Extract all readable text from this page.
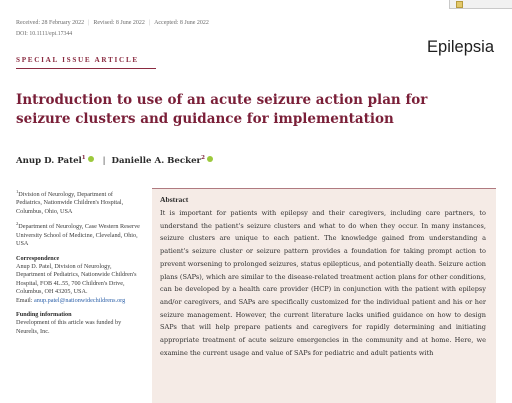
Received: 28 February 2022 | Revised: 8 June 2022 | Accepted: 8 June 2022
DOI: 10.1111/epi.17344
Epilepsia
SPECIAL ISSUE ARTICLE
Introduction to use of an acute seizure action plan for seizure clusters and guidance for implementation
Anup D. Patel$^1$ | Danielle A. Becker$^2$

$^1$Division of Neurology, Department of Pediatrics, Nationwide Children's Hospital, Columbus, Ohio, USA

$^2$Department of Neurology, Case Western Reserve University School of Medicine, Cleveland, Ohio, USA

Correspondence

Anup D. Patel, Division of Neurology, Department of Pediatrics, Nationwide Children's Hospital, FOB 4L.55, 700 Children's Drive, Columbus, OH 43205, USA.

Email: anup.patel@nationwidechildrens.org

Funding information

Development of this article was funded by Neurelis, Inc.

Abstract

It is important for patients with epilepsy and their caregivers, including care partners, to understand the patient's seizure clusters and what to do when they occur. In many instances, seizure clusters are unique to each patient. The knowledge gained from understanding a patient's seizure cluster or seizure pattern provides a foundation for taking prompt action to prevent worsening to prolonged seizures, status epilepticus, and potentially death. Seizure action plans (SAPs), which are similar to the disease-related treatment action plans for other conditions, can be developed by a health care provider (HCP) in conjunction with the patient with epilepsy and/or caregivers, and SAPs are specifically customized for the individual patient and his or her seizure management. However, the current literature lacks unified guidance on how to design SAPs that will help prepare patients and caregivers for rapidly determining and initiating appropriate treatment of acute seizure emergencies in the community and at home. Here, we examine the current usage and value of SAPs for pediatric and adult patients with
